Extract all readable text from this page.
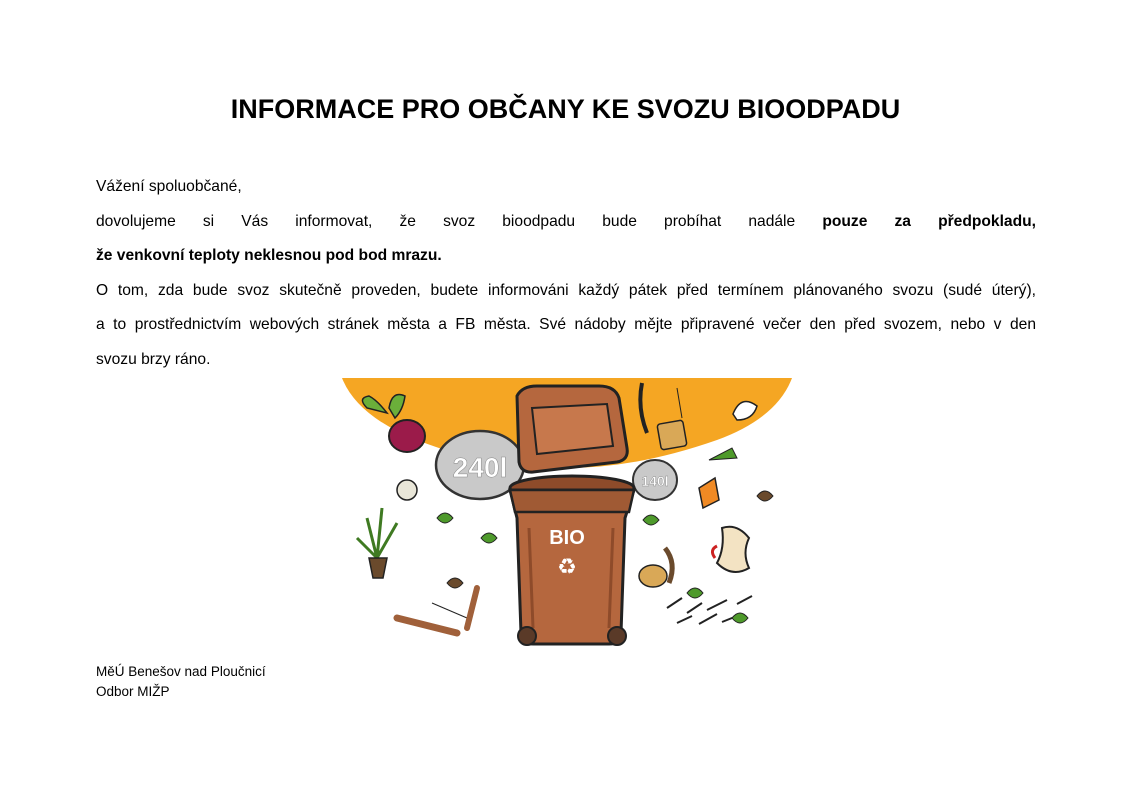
INFORMACE PRO OBČANY KE SVOZU BIOODPADU
Vážení spoluobčané,
dovolujeme si Vás informovat, že svoz bioodpadu bude probíhat nadále pouze za předpokladu,
že venkovní teploty neklesnou pod bod mrazu.
O tom, zda bude svoz skutečně proveden, budete informováni každý pátek před termínem plánovaného svozu (sudé úterý),
a to prostřednictvím webových stránek města a FB města. Své nádoby mějte připravené večer den před svozem, nebo v den
svozu brzy ráno.
240l	140l
BIO
♻
MěÚ Benešov nad Ploučnicí
Odbor MIŽP
